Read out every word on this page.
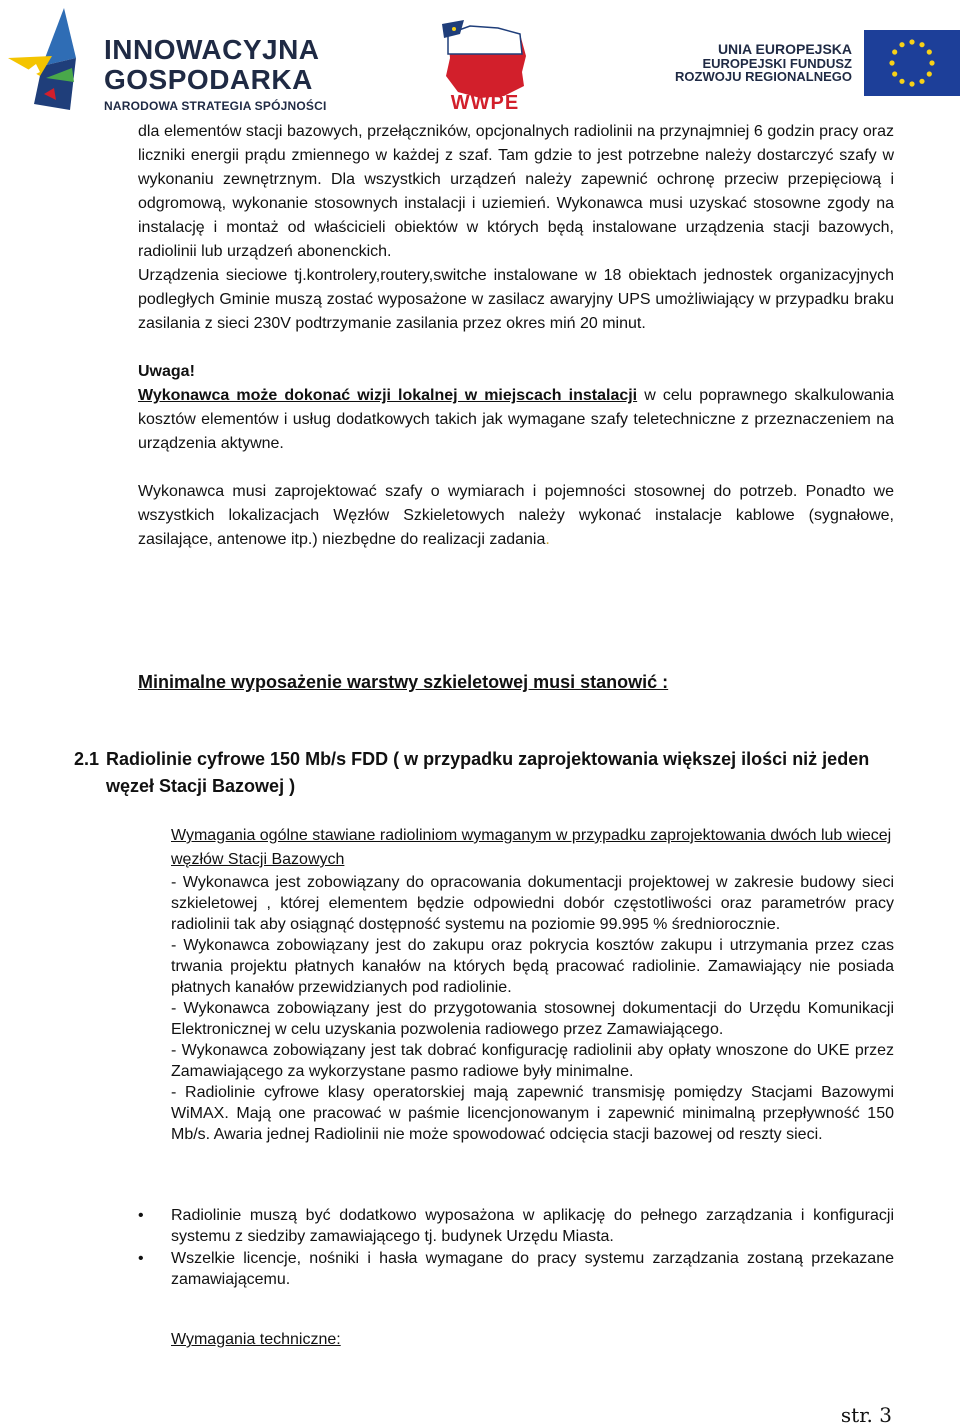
INNOWACYJNA
GOSPODARKA
NARODOWA STRATEGIA SPÓJNOŚCI	WWPE
UNIA EUROPEJSKA
EUROPEJSKI FUNDUSZ
ROZWOJU REGIONALNEGO

dla elementów stacji bazowych, przełączników, opcjonalnych radiolinii na przynajmniej 6 godzin pracy oraz liczniki energii prądu zmiennego w każdej z szaf. Tam gdzie to jest potrzebne należy dostarczyć szafy w wykonaniu zewnętrznym. Dla wszystkich urządzeń należy zapewnić ochronę przeciw przepięciową i odgromową, wykonanie stosownych instalacji i uziemień. Wykonawca musi uzyskać stosowne zgody na instalację i montaż od właścicieli obiektów w których będą instalowane urządzenia stacji bazowych, radiolinii lub urządzeń abonenckich.

Urządzenia sieciowe tj.kontrolery,routery,switche instalowane w 18 obiektach jednostek organizacyjnych podległych Gminie muszą zostać wyposażone w zasilacz awaryjny UPS umożliwiający w przypadku braku zasilania z sieci 230V podtrzymanie zasilania przez okres miń 20 minut.

Uwaga!
Wykonawca może dokonać wizji lokalnej w miejscach instalacji w celu poprawnego skalkulowania kosztów elementów i usług dodatkowych takich jak wymagane szafy teletechniczne z przeznaczeniem na urządzenia aktywne.

Wykonawca musi zaprojektować szafy o wymiarach i pojemności stosownej do potrzeb. Ponadto we wszystkich lokalizacjach Węzłów Szkieletowych należy wykonać instalacje kablowe (sygnałowe, zasilające, antenowe itp.) niezbędne do realizacji zadania.

Minimalne wyposażenie warstwy szkieletowej musi stanowić :
2.1 Radiolinie cyfrowe 150 Mb/s FDD ( w przypadku zaprojektowania większej ilości niż jeden węzeł Stacji Bazowej )
Wymagania ogólne stawiane radioliniom wymaganym w przypadku zaprojektowania dwóch lub wiecej węzłów Stacji Bazowych
- Wykonawca jest zobowiązany do opracowania dokumentacji projektowej w zakresie budowy sieci szkieletowej , której elementem będzie odpowiedni dobór częstotliwości oraz parametrów pracy radiolinii tak aby osiągnąć dostępność systemu na poziomie 99.995 % średniorocznie.
- Wykonawca zobowiązany jest do zakupu oraz pokrycia kosztów zakupu i utrzymania przez czas trwania projektu płatnych kanałów na których będą pracować radiolinie. Zamawiający nie posiada płatnych kanałów przewidzianych pod radiolinie.
- Wykonawca zobowiązany jest do przygotowania stosownej dokumentacji do Urzędu Komunikacji Elektronicznej w celu uzyskania pozwolenia radiowego przez Zamawiającego.
- Wykonawca zobowiązany jest tak dobrać konfigurację radiolinii aby opłaty wnoszone do UKE przez Zamawiającego za wykorzystane pasmo radiowe były minimalne.
- Radiolinie cyfrowe klasy operatorskiej mają zapewnić transmisję pomiędzy Stacjami Bazowymi WiMAX. Mają one pracować w paśmie licencjonowanym i zapewnić minimalną przepływność 150 Mb/s. Awaria jednej Radiolinii nie może spowodować odcięcia stacji bazowej od reszty sieci.
• Radiolinie muszą być dodatkowo wyposażona w aplikację do pełnego zarządzania i konfiguracji systemu z siedziby zamawiającego tj. budynek Urzędu Miasta.
• Wszelkie licencje, nośniki i hasła wymagane do pracy systemu zarządzania zostaną przekazane zamawiającemu.
Wymagania techniczne:
str. 3
